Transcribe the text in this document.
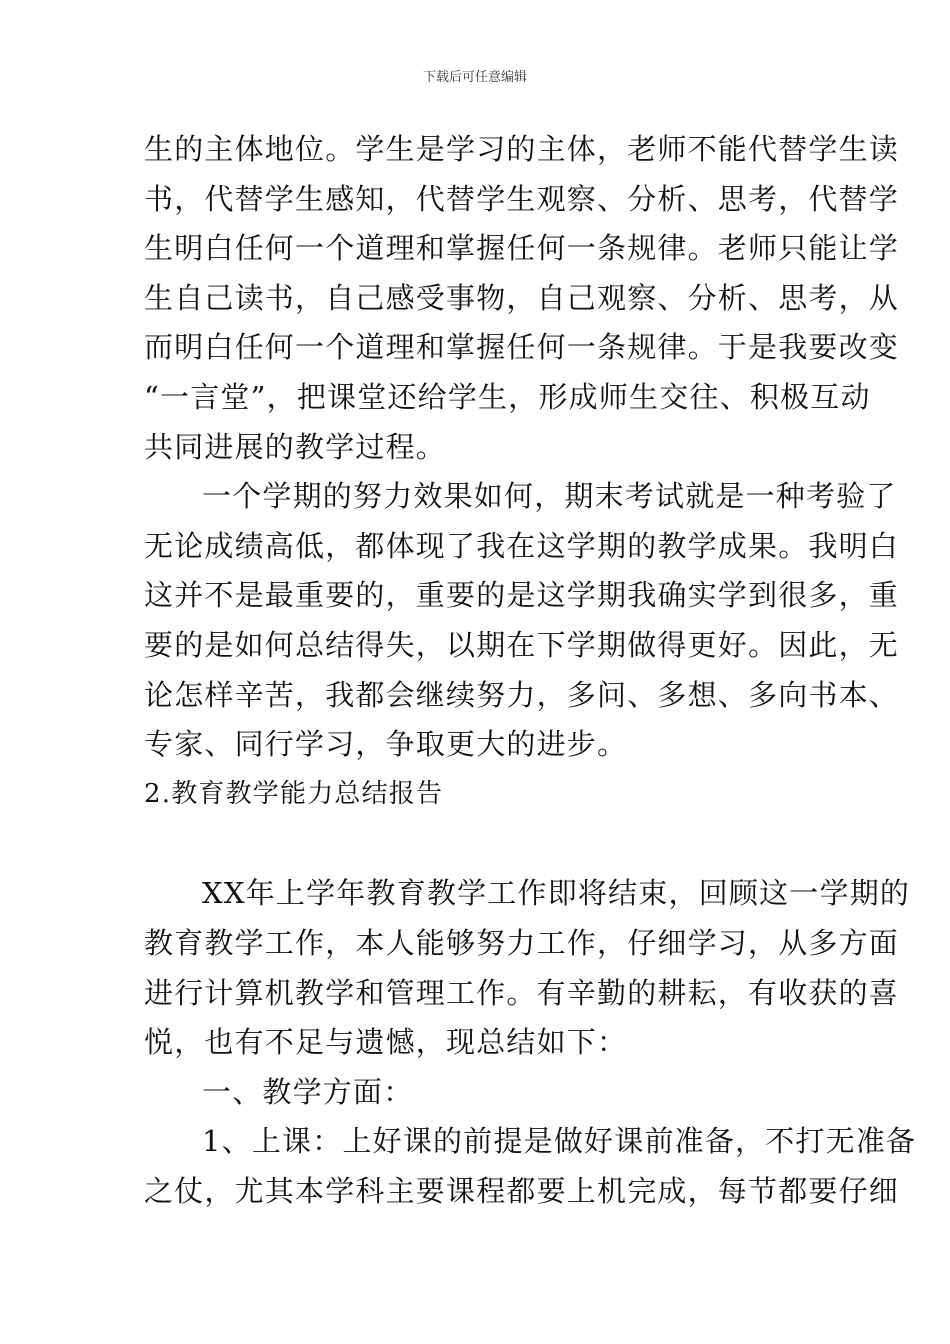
下载后可任意编辑
生的主体地位。学生是学习的主体，老师不能代替学生读
书，代替学生感知，代替学生观察、分析、思考，代替学
生明白任何一个道理和掌握任何一条规律。老师只能让学
生自己读书，自己感受事物，自己观察、分析、思考，从
而明白任何一个道理和掌握任何一条规律。于是我要改变
“一言堂”，把课堂还给学生，形成师生交往、积极互动
共同进展的教学过程。
一个学期的努力效果如何，期末考试就是一种考验了
无论成绩高低，都体现了我在这学期的教学成果。我明白
这并不是最重要的，重要的是这学期我确实学到很多，重
要的是如何总结得失，以期在下学期做得更好。因此，无
论怎样辛苦，我都会继续努力，多问、多想、多向书本、
专家、同行学习，争取更大的进步。
2.教育教学能力总结报告
XX年上学年教育教学工作即将结束，回顾这一学期的
教育教学工作，本人能够努力工作，仔细学习，从多方面
进行计算机教学和管理工作。有辛勤的耕耘，有收获的喜
悦，也有不足与遗憾，现总结如下：
一、教学方面：
1、上课：上好课的前提是做好课前准备，不打无准备
之仗，尤其本学科主要课程都要上机完成，每节都要仔细
